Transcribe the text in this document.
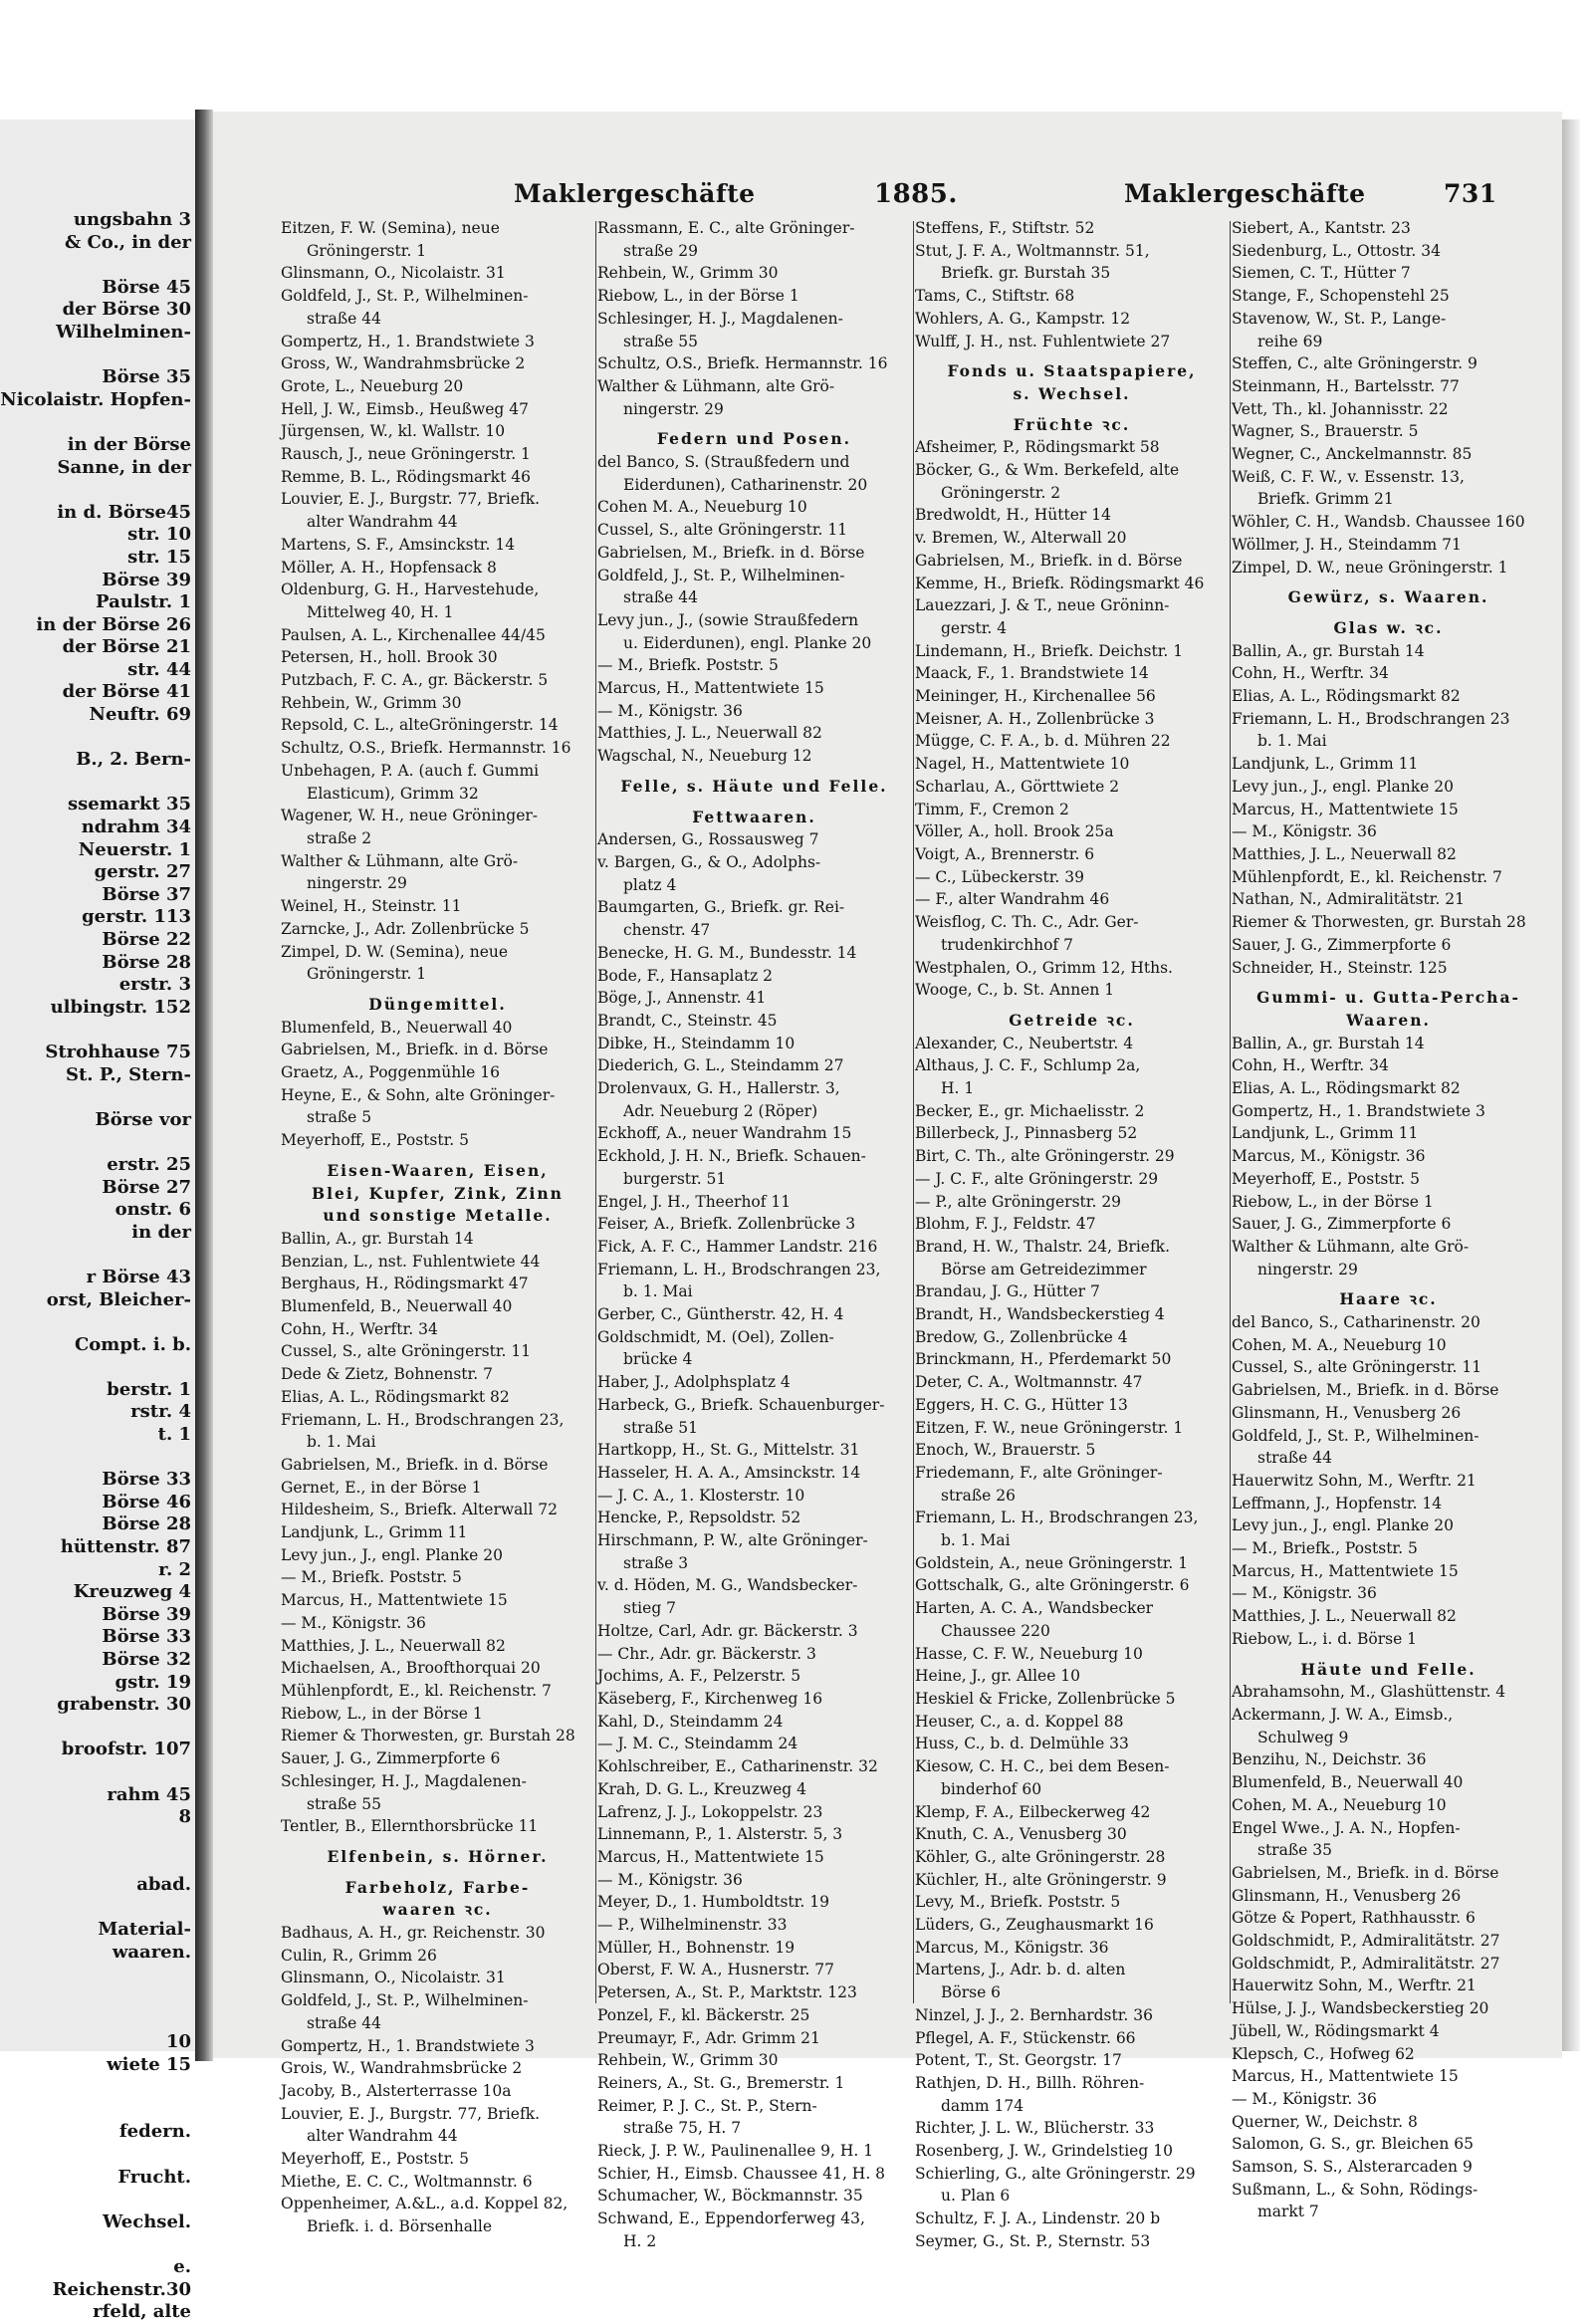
ungsbahn 3
& Co., in der

Börse 45
der Börse 30
Wilhelminen-

Börse 35
Nicolaistr. Hopfen-

in der Börse
Sanne, in der

in d. Börse45
str. 10
str. 15
Börse 39
Paulstr. 1
in der Börse 26
der Börse 21
str. 44
der Börse 41
Neuftr. 69

B., 2. Bern-

ssemarkt 35
ndrahm 34
Neuerstr. 1
gerstr. 27
Börse 37
gerstr. 113
Börse 22
Börse 28
erstr. 3
ulbingstr. 152

Strohhause 75
St. P., Stern-

Börse vor

erstr. 25
Börse 27
onstr. 6
in der

r Börse 43
orst, Bleicher-

Compt. i. b.

berstr. 1
rstr. 4
t. 1

Börse 33
Börse 46
Börse 28
hüttenstr. 87
r. 2
Kreuzweg 4
Börse 39
Börse 33
Börse 32
gstr. 19
grabenstr. 30

broofstr. 107

rahm 45
8

abad.

Material-
waaren.

10
wiete 15

federn.

Frucht.

Wechsel.

e.
Reichenstr.30
rfeld, alte
Maklergeschäfte	1885.	Maklergeschäfte	731
Eitzen, F. W. (Semina), neue
Gröningerstr. 1
Glinsmann, O., Nicolaistr. 31
Goldfeld, J., St. P., Wilhelminen-
straße 44
Gompertz, H., 1. Brandstwiete 3
Gross, W., Wandrahmsbrücke 2
Grote, L., Neueburg 20
Hell, J. W., Eimsb., Heußweg 47
Jürgensen, W., kl. Wallstr. 10
Rausch, J., neue Gröningerstr. 1
Remme, B. L., Rödingsmarkt 46
Louvier, E. J., Burgstr. 77, Briefk.
alter Wandrahm 44
Martens, S. F., Amsinckstr. 14
Möller, A. H., Hopfensack 8
Oldenburg, G. H., Harvestehude,
Mittelweg 40, H. 1
Paulsen, A. L., Kirchenallee 44/45
Petersen, H., holl. Brook 30
Putzbach, F. C. A., gr. Bäckerstr. 5
Rehbein, W., Grimm 30
Repsold, C. L., alteGröningerstr. 14
Schultz, O.S., Briefk. Hermannstr. 16
Unbehagen, P. A. (auch f. Gummi
Elasticum), Grimm 32
Wagener, W. H., neue Gröninger-
straße 2
Walther & Lühmann, alte Grö-
ningerstr. 29
Weinel, H., Steinstr. 11
Zarncke, J., Adr. Zollenbrücke 5
Zimpel, D. W. (Semina), neue
Gröningerstr. 1
Düngemittel.
Blumenfeld, B., Neuerwall 40
Gabrielsen, M., Briefk. in d. Börse
Graetz, A., Poggenmühle 16
Heyne, E., & Sohn, alte Gröninger-
straße 5
Meyerhoff, E., Poststr. 5
Eisen-Waaren, Eisen,
Blei, Kupfer, Zink, Zinn
und sonstige Metalle.
Ballin, A., gr. Burstah 14
Benzian, L., nst. Fuhlentwiete 44
Berghaus, H., Rödingsmarkt 47
Blumenfeld, B., Neuerwall 40
Cohn, H., Werftr. 34
Cussel, S., alte Gröningerstr. 11
Dede & Zietz, Bohnenstr. 7
Elias, A. L., Rödingsmarkt 82
Friemann, L. H., Brodschrangen 23,
b. 1. Mai
Gabrielsen, M., Briefk. in d. Börse
Gernet, E., in der Börse 1
Hildesheim, S., Briefk. Alterwall 72
Landjunk, L., Grimm 11
Levy jun., J., engl. Planke 20
— M., Briefk. Poststr. 5
Marcus, H., Mattentwiete 15
— M., Königstr. 36
Matthies, J. L., Neuerwall 82
Michaelsen, A., Broofthorquai 20
Mühlenpfordt, E., kl. Reichenstr. 7
Riebow, L., in der Börse 1
Riemer & Thorwesten, gr. Burstah 28
Sauer, J. G., Zimmerpforte 6
Schlesinger, H. J., Magdalenen-
straße 55
Tentler, B., Ellernthorsbrücke 11
Elfenbein, s. Hörner.
Farbeholz, Farbe-
waaren ꝛc.
Badhaus, A. H., gr. Reichenstr. 30
Culin, R., Grimm 26
Glinsmann, O., Nicolaistr. 31
Goldfeld, J., St. P., Wilhelminen-
straße 44
Gompertz, H., 1. Brandstwiete 3
Grois, W., Wandrahmsbrücke 2
Jacoby, B., Alsterterrasse 10a
Louvier, E. J., Burgstr. 77, Briefk.
alter Wandrahm 44
Meyerhoff, E., Poststr. 5
Miethe, E. C. C., Woltmannstr. 6
Oppenheimer, A.&L., a.d. Koppel 82,
Briefk. i. d. Börsenhalle
Rassmann, E. C., alte Gröninger-
straße 29
Rehbein, W., Grimm 30
Riebow, L., in der Börse 1
Schlesinger, H. J., Magdalenen-
straße 55
Schultz, O.S., Briefk. Hermannstr. 16
Walther & Lühmann, alte Grö-
ningerstr. 29
Federn und Posen.
del Banco, S. (Straußfedern und
Eiderdunen), Catharinenstr. 20
Cohen M. A., Neueburg 10
Cussel, S., alte Gröningerstr. 11
Gabrielsen, M., Briefk. in d. Börse
Goldfeld, J., St. P., Wilhelminen-
straße 44
Levy jun., J., (sowie Straußfedern
u. Eiderdunen), engl. Planke 20
— M., Briefk. Poststr. 5
Marcus, H., Mattentwiete 15
— M., Königstr. 36
Matthies, J. L., Neuerwall 82
Wagschal, N., Neueburg 12
Felle, s. Häute und Felle.
Fettwaaren.
Andersen, G., Rossausweg 7
v. Bargen, G., & O., Adolphs-
platz 4
Baumgarten, G., Briefk. gr. Rei-
chenstr. 47
Benecke, H. G. M., Bundesstr. 14
Bode, F., Hansaplatz 2
Böge, J., Annenstr. 41
Brandt, C., Steinstr. 45
Dibke, H., Steindamm 10
Diederich, G. L., Steindamm 27
Drolenvaux, G. H., Hallerstr. 3,
Adr. Neueburg 2 (Röper)
Eckhoff, A., neuer Wandrahm 15
Eckhold, J. H. N., Briefk. Schauen-
burgerstr. 51
Engel, J. H., Theerhof 11
Feiser, A., Briefk. Zollenbrücke 3
Fick, A. F. C., Hammer Landstr. 216
Friemann, L. H., Brodschrangen 23,
b. 1. Mai
Gerber, C., Güntherstr. 42, H. 4
Goldschmidt, M. (Oel), Zollen-
brücke 4
Haber, J., Adolphsplatz 4
Harbeck, G., Briefk. Schauenburger-
straße 51
Hartkopp, H., St. G., Mittelstr. 31
Hasseler, H. A. A., Amsinckstr. 14
— J. C. A., 1. Klosterstr. 10
Hencke, P., Repsoldstr. 52
Hirschmann, P. W., alte Gröninger-
straße 3
v. d. Höden, M. G., Wandsbecker-
stieg 7
Holtze, Carl, Adr. gr. Bäckerstr. 3
— Chr., Adr. gr. Bäckerstr. 3
Jochims, A. F., Pelzerstr. 5
Käseberg, F., Kirchenweg 16
Kahl, D., Steindamm 24
— J. M. C., Steindamm 24
Kohlschreiber, E., Catharinenstr. 32
Krah, D. G. L., Kreuzweg 4
Lafrenz, J. J., Lokoppelstr. 23
Linnemann, P., 1. Alsterstr. 5, 3
Marcus, H., Mattentwiete 15
— M., Königstr. 36
Meyer, D., 1. Humboldtstr. 19
— P., Wilhelminenstr. 33
Müller, H., Bohnenstr. 19
Oberst, F. W. A., Husnerstr. 77
Petersen, A., St. P., Marktstr. 123
Ponzel, F., kl. Bäckerstr. 25
Preumayr, F., Adr. Grimm 21
Rehbein, W., Grimm 30
Reiners, A., St. G., Bremerstr. 1
Reimer, P. J. C., St. P., Stern-
straße 75, H. 7
Rieck, J. P. W., Paulinenallee 9, H. 1
Schier, H., Eimsb. Chaussee 41, H. 8
Schumacher, W., Böckmannstr. 35
Schwand, E., Eppendorferweg 43,
H. 2
Steffens, F., Stiftstr. 52
Stut, J. F. A., Woltmannstr. 51,
Briefk. gr. Burstah 35
Tams, C., Stiftstr. 68
Wohlers, A. G., Kampstr. 12
Wulff, J. H., nst. Fuhlentwiete 27
Fonds u. Staatspapiere,
s. Wechsel.
Früchte ꝛc.
Afsheimer, P., Rödingsmarkt 58
Böcker, G., & Wm. Berkefeld, alte
Gröningerstr. 2
Bredwoldt, H., Hütter 14
v. Bremen, W., Alterwall 20
Gabrielsen, M., Briefk. in d. Börse
Kemme, H., Briefk. Rödingsmarkt 46
Lauezzari, J. & T., neue Gröninn-
gerstr. 4
Lindemann, H., Briefk. Deichstr. 1
Maack, F., 1. Brandstwiete 14
Meininger, H., Kirchenallee 56
Meisner, A. H., Zollenbrücke 3
Mügge, C. F. A., b. d. Mühren 22
Nagel, H., Mattentwiete 10
Scharlau, A., Görttwiete 2
Timm, F., Cremon 2
Völler, A., holl. Brook 25a
Voigt, A., Brennerstr. 6
— C., Lübeckerstr. 39
— F., alter Wandrahm 46
Weisflog, C. Th. C., Adr. Ger-
trudenkirchhof 7
Westphalen, O., Grimm 12, Hths.
Wooge, C., b. St. Annen 1
Getreide ꝛc.
Alexander, C., Neubertstr. 4
Althaus, J. C. F., Schlump 2a,
H. 1
Becker, E., gr. Michaelisstr. 2
Billerbeck, J., Pinnasberg 52
Birt, C. Th., alte Gröningerstr. 29
— J. C. F., alte Gröningerstr. 29
— P., alte Gröningerstr. 29
Blohm, F. J., Feldstr. 47
Brand, H. W., Thalstr. 24, Briefk.
Börse am Getreidezimmer
Brandau, J. G., Hütter 7
Brandt, H., Wandsbeckerstieg 4
Bredow, G., Zollenbrücke 4
Brinckmann, H., Pferdemarkt 50
Deter, C. A., Woltmannstr. 47
Eggers, H. C. G., Hütter 13
Eitzen, F. W., neue Gröningerstr. 1
Enoch, W., Brauerstr. 5
Friedemann, F., alte Gröninger-
straße 26
Friemann, L. H., Brodschrangen 23,
b. 1. Mai
Goldstein, A., neue Gröningerstr. 1
Gottschalk, G., alte Gröningerstr. 6
Harten, A. C. A., Wandsbecker
Chaussee 220
Hasse, C. F. W., Neueburg 10
Heine, J., gr. Allee 10
Heskiel & Fricke, Zollenbrücke 5
Heuser, C., a. d. Koppel 88
Huss, C., b. d. Delmühle 33
Kiesow, C. H. C., bei dem Besen-
binderhof 60
Klemp, F. A., Eilbeckerweg 42
Knuth, C. A., Venusberg 30
Köhler, G., alte Gröningerstr. 28
Küchler, H., alte Gröningerstr. 9
Levy, M., Briefk. Poststr. 5
Lüders, G., Zeughausmarkt 16
Marcus, M., Königstr. 36
Martens, J., Adr. b. d. alten
Börse 6
Ninzel, J. J., 2. Bernhardstr. 36
Pflegel, A. F., Stückenstr. 66
Potent, T., St. Georgstr. 17
Rathjen, D. H., Billh. Röhren-
damm 174
Richter, J. L. W., Blücherstr. 33
Rosenberg, J. W., Grindelstieg 10
Schierling, G., alte Gröningerstr. 29
u. Plan 6
Schultz, F. J. A., Lindenstr. 20 b
Seymer, G., St. P., Sternstr. 53
Siebert, A., Kantstr. 23
Siedenburg, L., Ottostr. 34
Siemen, C. T., Hütter 7
Stange, F., Schopenstehl 25
Stavenow, W., St. P., Lange-
reihe 69
Steffen, C., alte Gröningerstr. 9
Steinmann, H., Bartelsstr. 77
Vett, Th., kl. Johannisstr. 22
Wagner, S., Brauerstr. 5
Wegner, C., Anckelmannstr. 85
Weiß, C. F. W., v. Essenstr. 13,
Briefk. Grimm 21
Wöhler, C. H., Wandsb. Chaussee 160
Wöllmer, J. H., Steindamm 71
Zimpel, D. W., neue Gröningerstr. 1
Gewürz, s. Waaren.
Glas w. ꝛc.
Ballin, A., gr. Burstah 14
Cohn, H., Werftr. 34
Elias, A. L., Rödingsmarkt 82
Friemann, L. H., Brodschrangen 23
b. 1. Mai
Landjunk, L., Grimm 11
Levy jun., J., engl. Planke 20
Marcus, H., Mattentwiete 15
— M., Königstr. 36
Matthies, J. L., Neuerwall 82
Mühlenpfordt, E., kl. Reichenstr. 7
Nathan, N., Admiralitätstr. 21
Riemer & Thorwesten, gr. Burstah 28
Sauer, J. G., Zimmerpforte 6
Schneider, H., Steinstr. 125
Gummi- u. Gutta-Percha-
Waaren.
Ballin, A., gr. Burstah 14
Cohn, H., Werftr. 34
Elias, A. L., Rödingsmarkt 82
Gompertz, H., 1. Brandstwiete 3
Landjunk, L., Grimm 11
Marcus, M., Königstr. 36
Meyerhoff, E., Poststr. 5
Riebow, L., in der Börse 1
Sauer, J. G., Zimmerpforte 6
Walther & Lühmann, alte Grö-
ningerstr. 29
Haare ꝛc.
del Banco, S., Catharinenstr. 20
Cohen, M. A., Neueburg 10
Cussel, S., alte Gröningerstr. 11
Gabrielsen, M., Briefk. in d. Börse
Glinsmann, H., Venusberg 26
Goldfeld, J., St. P., Wilhelminen-
straße 44
Hauerwitz Sohn, M., Werftr. 21
Leffmann, J., Hopfenstr. 14
Levy jun., J., engl. Planke 20
— M., Briefk., Poststr. 5
Marcus, H., Mattentwiete 15
— M., Königstr. 36
Matthies, J. L., Neuerwall 82
Riebow, L., i. d. Börse 1
Häute und Felle.
Abrahamsohn, M., Glashüttenstr. 4
Ackermann, J. W. A., Eimsb.,
Schulweg 9
Benzihu, N., Deichstr. 36
Blumenfeld, B., Neuerwall 40
Cohen, M. A., Neueburg 10
Engel Wwe., J. A. N., Hopfen-
straße 35
Gabrielsen, M., Briefk. in d. Börse
Glinsmann, H., Venusberg 26
Götze & Popert, Rathhausstr. 6
Goldschmidt, P., Admiralitätstr. 27
Goldschmidt, P., Admiralitätstr. 27
Hauerwitz Sohn, M., Werftr. 21
Hülse, J. J., Wandsbeckerstieg 20
Jübell, W., Rödingsmarkt 4
Klepsch, C., Hofweg 62
Marcus, H., Mattentwiete 15
— M., Königstr. 36
Querner, W., Deichstr. 8
Salomon, G. S., gr. Bleichen 65
Samson, S. S., Alsterarcaden 9
Sußmann, L., & Sohn, Rödings-
markt 7
